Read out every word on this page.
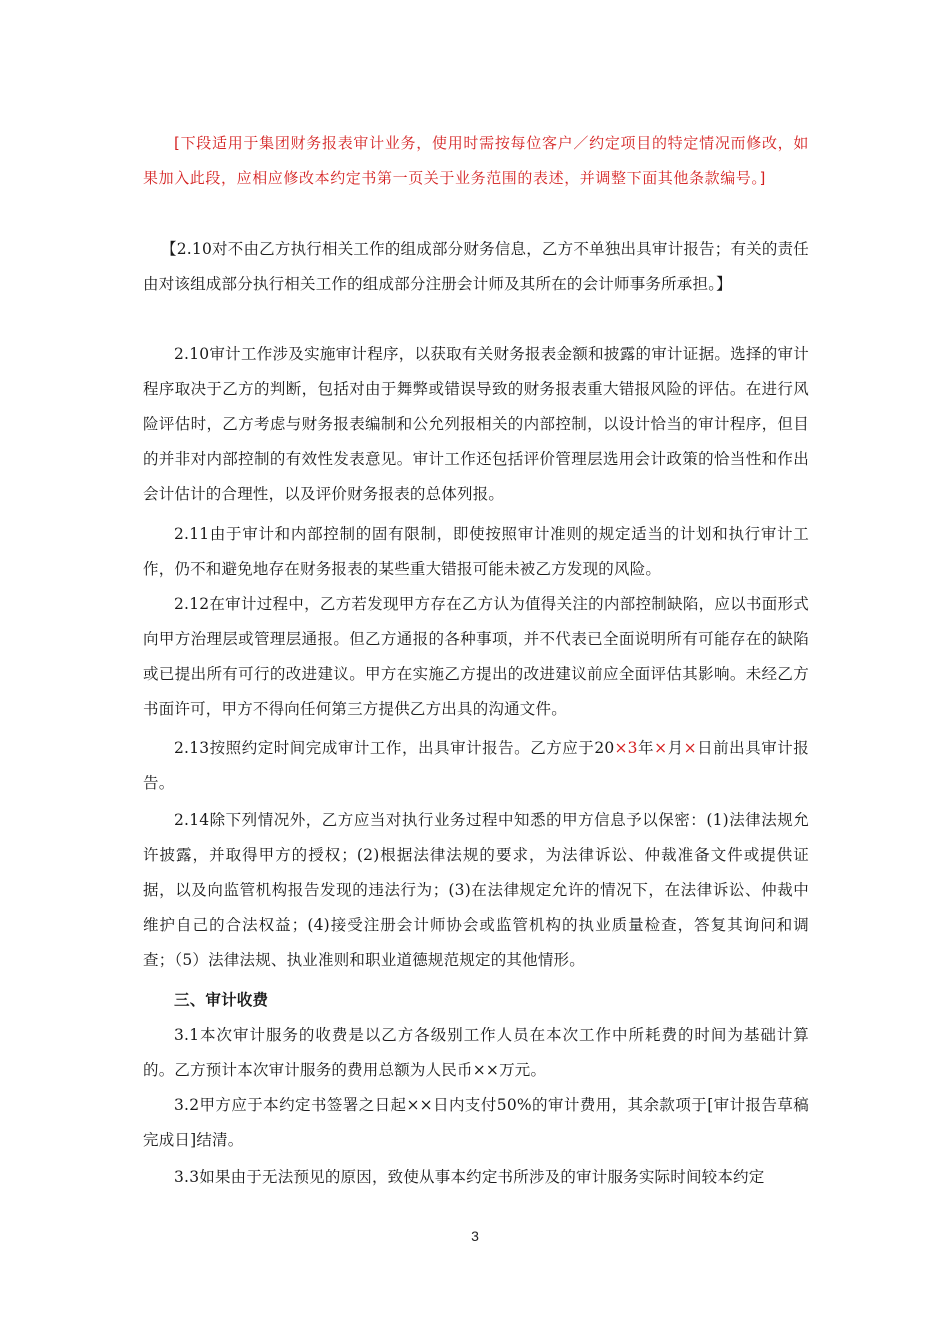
[下段适用于集团财务报表审计业务，使用时需按每位客户／约定项目的特定情况而修改，如果加入此段，应相应修改本约定书第一页关于业务范围的表述，并调整下面其他条款编号。]

【2.10对不由乙方执行相关工作的组成部分财务信息，乙方不单独出具审计报告；有关的责任由对该组成部分执行相关工作的组成部分注册会计师及其所在的会计师事务所承担。】

2.10审计工作涉及实施审计程序，以获取有关财务报表金额和披露的审计证据。选择的审计程序取决于乙方的判断，包括对由于舞弊或错误导致的财务报表重大错报风险的评估。在进行风险评估时，乙方考虑与财务报表编制和公允列报相关的内部控制，以设计恰当的审计程序，但目的并非对内部控制的有效性发表意见。审计工作还包括评价管理层选用会计政策的恰当性和作出会计估计的合理性，以及评价财务报表的总体列报。

2.11由于审计和内部控制的固有限制，即使按照审计准则的规定适当的计划和执行审计工作，仍不和避免地存在财务报表的某些重大错报可能未被乙方发现的风险。

2.12在审计过程中，乙方若发现甲方存在乙方认为值得关注的内部控制缺陷，应以书面形式向甲方治理层或管理层通报。但乙方通报的各种事项，并不代表已全面说明所有可能存在的缺陷或已提出所有可行的改进建议。甲方在实施乙方提出的改进建议前应全面评估其影响。未经乙方书面许可，甲方不得向任何第三方提供乙方出具的沟通文件。

2.13按照约定时间完成审计工作，出具审计报告。乙方应于20×3年×月×日前出具审计报告。

2.14除下列情况外，乙方应当对执行业务过程中知悉的甲方信息予以保密：(1)法律法规允许披露，并取得甲方的授权；(2)根据法律法规的要求，为法律诉讼、仲裁准备文件或提供证据，以及向监管机构报告发现的违法行为；(3)在法律规定允许的情况下，在法律诉讼、仲裁中维护自己的合法权益；(4)接受注册会计师协会或监管机构的执业质量检查，答复其询问和调查；（5）法律法规、执业准则和职业道德规范规定的其他情形。

三、审计收费

3.1本次审计服务的收费是以乙方各级别工作人员在本次工作中所耗费的时间为基础计算的。乙方预计本次审计服务的费用总额为人民币××万元。

3.2甲方应于本约定书签署之日起××日内支付50%的审计费用，其余款项于[审计报告草稿完成日]结清。

3.3如果由于无法预见的原因，致使从事本约定书所涉及的审计服务实际时间较本约定

3
